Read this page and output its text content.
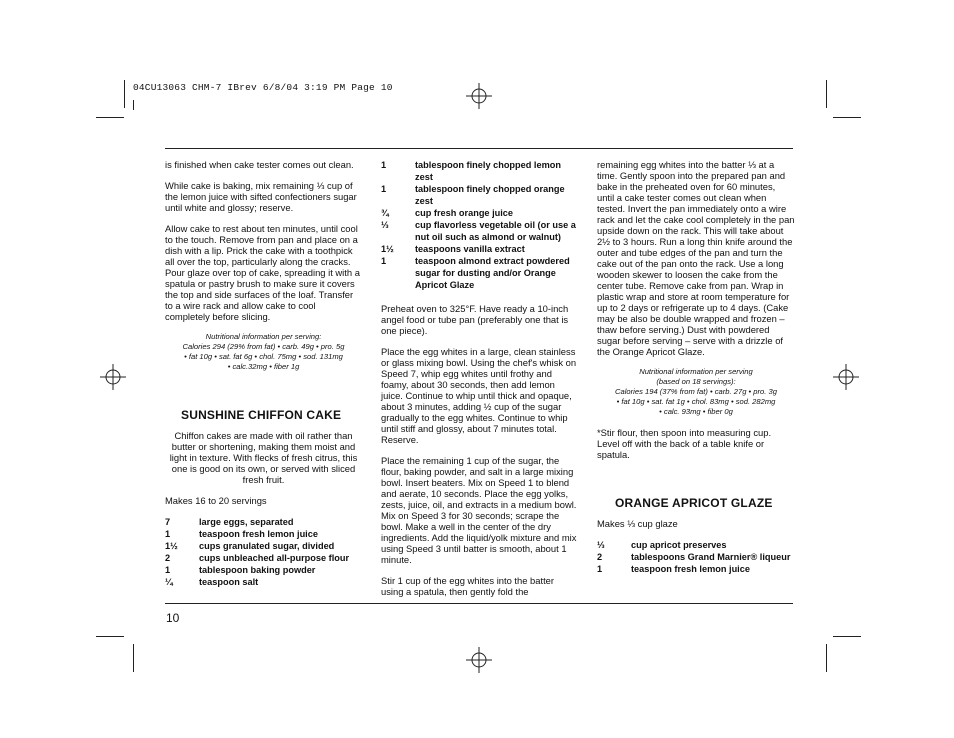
04CU13063 CHM-7 IBrev 6/8/04 3:19 PM Page 10

is finished when cake tester comes out clean.

While cake is baking, mix remaining ⅓ cup of the lemon juice with sifted confectioners sugar until white and glossy; reserve.

Allow cake to rest about ten minutes, until cool to the touch. Remove from pan and place on a dish with a lip. Prick the cake with a toothpick all over the top, particularly along the cracks. Pour glaze over top of cake, spreading it with a spatula or pastry brush to make sure it covers the top and side surfaces of the loaf. Transfer to a wire rack and allow cake to cool completely before slicing.

Nutritional information per serving:
Calories 294 (29% from fat) • carb. 49g • pro. 5g
• fat 10g • sat. fat 6g • chol. 75mg • sod. 131mg
• calc.32mg • fiber 1g
SUNSHINE CHIFFON CAKE

Chiffon cakes are made with oil rather than butter or shortening, making them moist and light in texture. With flecks of fresh citrus, this one is good on its own, or served with sliced fresh fruit.

Makes 16 to 20 servings

7	large eggs, separated
1	teaspoon fresh lemon juice
1½	cups granulated sugar, divided
2	cups unbleached all-purpose flour
1	tablespoon baking powder
¼	teaspoon salt
1	tablespoon finely chopped lemon zest
1	tablespoon finely chopped orange zest
¾	cup fresh orange juice
⅓	cup flavorless vegetable oil (or use a nut oil such as almond or walnut)
1½	teaspoons vanilla extract
1	teaspoon almond extract powdered sugar for dusting and/or Orange Apricot Glaze

Preheat oven to 325°F. Have ready a 10-inch angel food or tube pan (preferably one that is one piece).

Place the egg whites in a large, clean stainless or glass mixing bowl. Using the chef's whisk on Speed 7, whip egg whites until frothy and foamy, about 30 seconds, then add lemon juice. Continue to whip until thick and opaque, about 3 minutes, adding ½ cup of the sugar gradually to the egg whites. Continue to whip until stiff and glossy, about 7 minutes total. Reserve.

Place the remaining 1 cup of the sugar, the flour, baking powder, and salt in a large mixing bowl. Insert beaters. Mix on Speed 1 to blend and aerate, 10 seconds. Place the egg yolks, zests, juice, oil, and extracts in a medium bowl. Mix on Speed 3 for 30 seconds; scrape the bowl. Make a well in the center of the dry ingredients. Add the liquid/yolk mixture and mix using Speed 3 until batter is smooth, about 1 minute.

Stir 1 cup of the egg whites into the batter using a spatula, then gently fold the

remaining egg whites into the batter ⅓ at a time. Gently spoon into the prepared pan and bake in the preheated oven for 60 minutes, until a cake tester comes out clean when tested. Invert the pan immediately onto a wire rack and let the cake cool completely in the pan upside down on the rack. This will take about 2½ to 3 hours. Run a long thin knife around the outer and tube edges of the pan and turn the cake out of the pan onto the rack. Use a long wooden skewer to loosen the cake from the center tube. Remove cake from pan. Wrap in plastic wrap and store at room temperature for up to 2 days or refrigerate up to 4 days. (Cake may be also be double wrapped and frozen – thaw before serving.) Dust with powdered sugar before serving – serve with a drizzle of the Orange Apricot Glaze.

Nutritional information per serving
(based on 18 servings):
Calories 194 (37% from fat) • carb. 27g • pro. 3g
• fat 10g • sat. fat 1g • chol. 83mg • sod. 282mg
• calc. 93mg • fiber 0g

*Stir flour, then spoon into measuring cup. Level off with the back of a table knife or spatula.

ORANGE APRICOT GLAZE

Makes ⅓ cup glaze

⅓	cup apricot preserves
2	tablespoons Grand Marnier® liqueur
1	teaspoon fresh lemon juice
10
